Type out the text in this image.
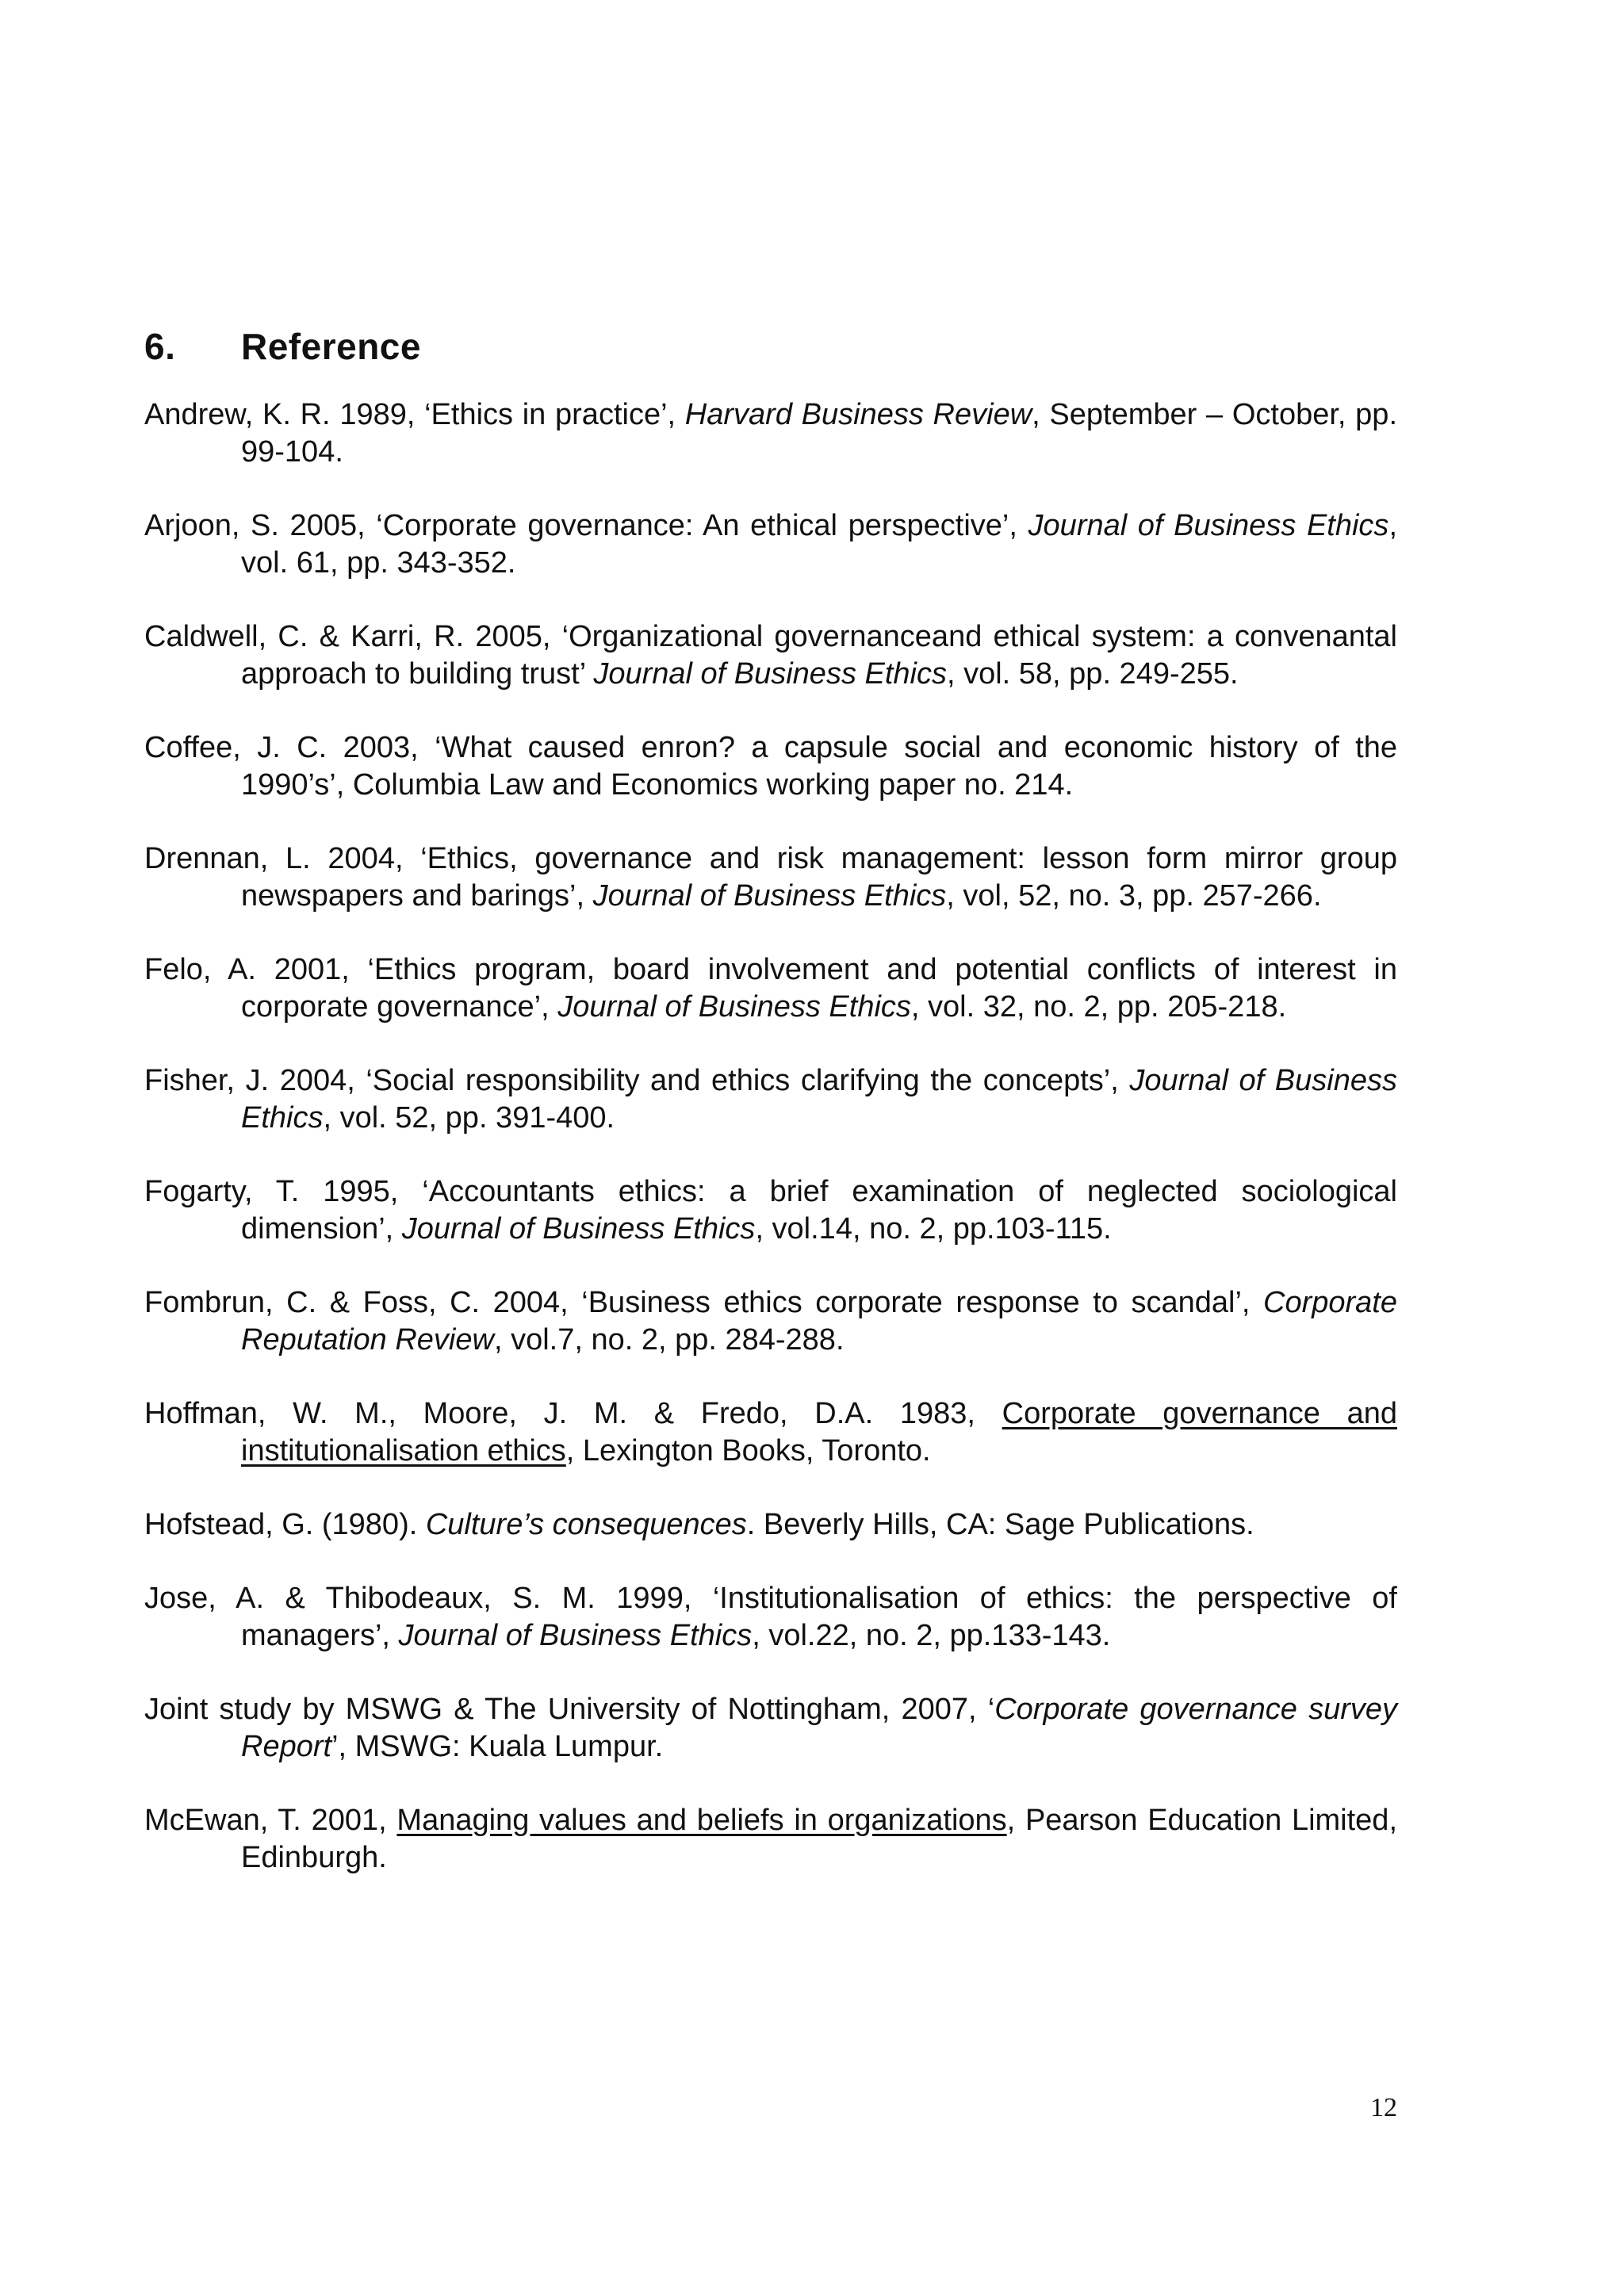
6. Reference

Andrew, K. R. 1989, ‘Ethics in practice’, Harvard Business Review, September – October, pp. 99-104.

Arjoon, S. 2005, ‘Corporate governance: An ethical perspective’, Journal of Business Ethics, vol. 61, pp. 343-352.

Caldwell, C. & Karri, R. 2005, ‘Organizational governanceand ethical system: a convenantal approach to building trust’ Journal of Business Ethics, vol. 58, pp. 249-255.

Coffee, J. C. 2003, ‘What caused enron? a capsule social and economic history of the 1990’s’, Columbia Law and Economics working paper no. 214.

Drennan, L. 2004, ‘Ethics, governance and risk management: lesson form mirror group newspapers and barings’, Journal of Business Ethics, vol, 52, no. 3, pp. 257-266.

Felo, A. 2001, ‘Ethics program, board involvement and potential conflicts of interest in corporate governance’, Journal of Business Ethics, vol. 32, no. 2, pp. 205-218.

Fisher, J. 2004, ‘Social responsibility and ethics clarifying the concepts’, Journal of Business Ethics, vol. 52, pp. 391-400.

Fogarty, T. 1995, ‘Accountants ethics: a brief examination of neglected sociological dimension’, Journal of Business Ethics, vol.14, no. 2, pp.103-115.

Fombrun, C. & Foss, C. 2004, ‘Business ethics corporate response to scandal’, Corporate Reputation Review, vol.7, no. 2, pp. 284-288.

Hoffman, W. M., Moore, J. M. & Fredo, D.A. 1983, Corporate governance and institutionalisation ethics, Lexington Books, Toronto.

Hofstead, G. (1980). Culture’s consequences. Beverly Hills, CA: Sage Publications.

Jose, A. & Thibodeaux, S. M. 1999, ‘Institutionalisation of ethics: the perspective of managers’, Journal of Business Ethics, vol.22, no. 2, pp.133-143.

Joint study by MSWG & The University of Nottingham, 2007, ‘Corporate governance survey Report’, MSWG: Kuala Lumpur.

McEwan, T. 2001, Managing values and beliefs in organizations, Pearson Education Limited, Edinburgh.

12
